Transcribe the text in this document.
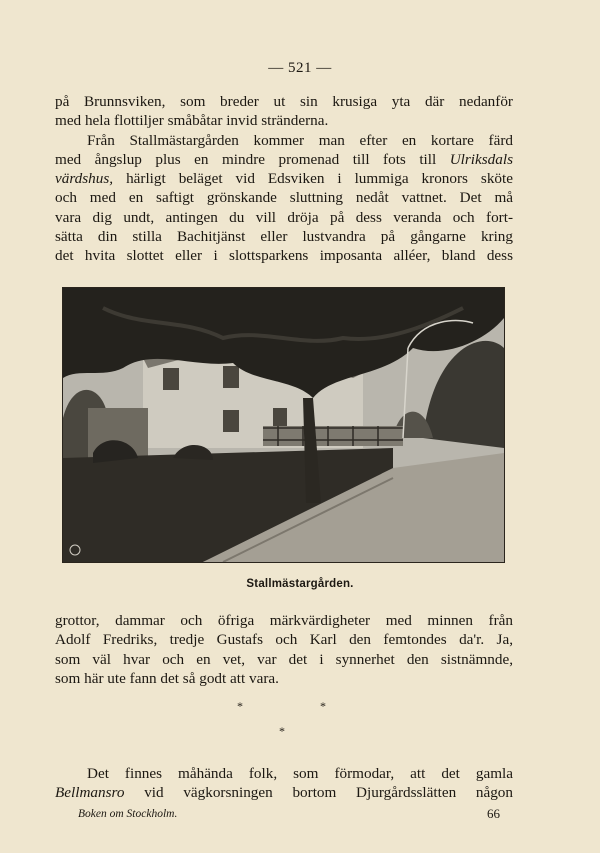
— 521 —

på Brunnsviken, som breder ut sin krusiga yta där nedanför

med hela flottiljer småbåtar invid stränderna.

Från Stallmästargården kommer man efter en kortare färd

med ångslup plus en mindre promenad till fots till Ulriksdals

värdshus, härligt beläget vid Edsviken i lummiga kronors sköte

och med en saftigt grönskande sluttning nedåt vattnet. Det må

vara dig undt, antingen du vill dröja på dess veranda och fort-

sätta din stilla Bachitjänst eller lustvandra på gångarne kring

det hvita slottet eller i slottsparkens imposanta alléer, bland dess

Stallmästargården.

grottor, dammar och öfriga märkvärdigheter med minnen från

Adolf Fredriks, tredje Gustafs och Karl den femtondes da'r. Ja,

som väl hvar och en vet, var det i synnerhet den sistnämnde,

som här ute fann det så godt att vara.

*	*
*

Det finnes måhända folk, som förmodar, att det gamla

Bellmansro vid vägkorsningen bortom Djurgårdsslätten någon

Boken om Stockholm.	66
